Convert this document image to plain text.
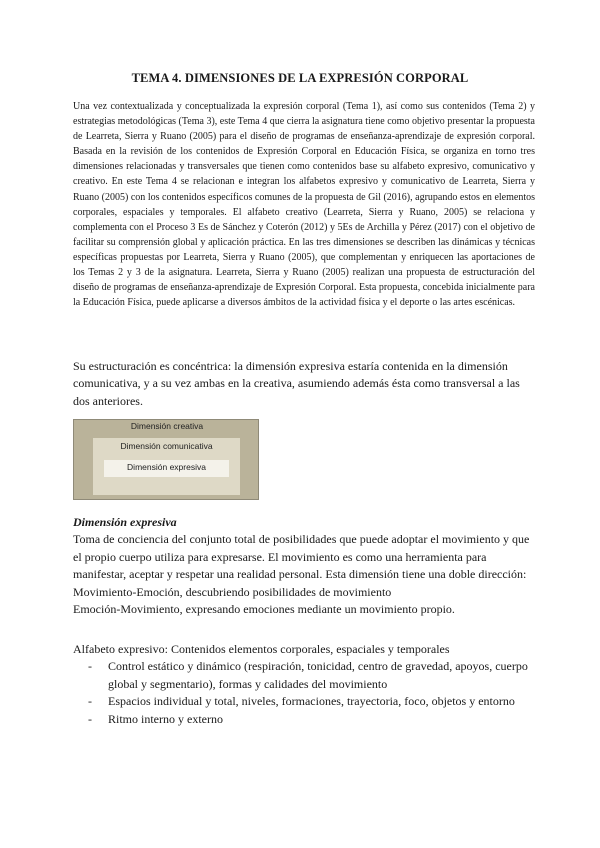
TEMA 4. DIMENSIONES DE LA EXPRESIÓN CORPORAL

Una vez contextualizada y conceptualizada la expresión corporal (Tema 1), así como sus contenidos (Tema 2) y estrategias metodológicas (Tema 3), este Tema 4 que cierra la asignatura tiene como objetivo presentar la propuesta de Learreta, Sierra y Ruano (2005) para el diseño de programas de enseñanza-aprendizaje de expresión corporal. Basada en la revisión de los contenidos de Expresión Corporal en Educación Física, se organiza en torno tres dimensiones relacionadas y transversales que tienen como contenidos base su alfabeto expresivo, comunicativo y creativo. En este Tema 4 se relacionan e integran los alfabetos expresivo y comunicativo de Learreta, Sierra y Ruano (2005) con los contenidos específicos comunes de la propuesta de Gil (2016), agrupando estos en elementos corporales, espaciales y temporales. El alfabeto creativo (Learreta, Sierra y Ruano, 2005) se relaciona y complementa con el Proceso 3 Es de Sánchez y Coterón (2012) y 5Es de Archilla y Pérez (2017) con el objetivo de facilitar su comprensión global y aplicación práctica. En las tres dimensiones se describen las dinámicas y técnicas específicas propuestas por Learreta, Sierra y Ruano (2005), que complementan y enriquecen las aportaciones de los Temas 2 y 3 de la asignatura. Learreta, Sierra y Ruano (2005) realizan una propuesta de estructuración del diseño de programas de enseñanza-aprendizaje de Expresión Corporal. Esta propuesta, concebida inicialmente para la Educación Física, puede aplicarse a diversos ámbitos de la actividad física y el deporte o las artes escénicas.

Su estructuración es concéntrica: la dimensión expresiva estaría contenida en la dimensión comunicativa, y a su vez ambas en la creativa, asumiendo además ésta como transversal a las dos anteriores.

Dimensión creativa
Dimensión comunicativa
Dimensión expresiva
Dimensión expresiva

Toma de conciencia del conjunto total de posibilidades que puede adoptar el movimiento y que el propio cuerpo utiliza para expresarse. El movimiento es como una herramienta para manifestar, aceptar y respetar una realidad personal. Esta dimensión tiene una doble dirección:

Movimiento-Emoción, descubriendo posibilidades de movimiento
Emoción-Movimiento, expresando emociones mediante un movimiento propio.
Alfabeto expresivo: Contenidos elementos corporales, espaciales y temporales
- Control estático y dinámico (respiración, tonicidad, centro de gravedad, apoyos, cuerpo global y segmentario), formas y calidades del movimiento
- Espacios individual y total, niveles, formaciones, trayectoria, foco, objetos y entorno
- Ritmo interno y externo
